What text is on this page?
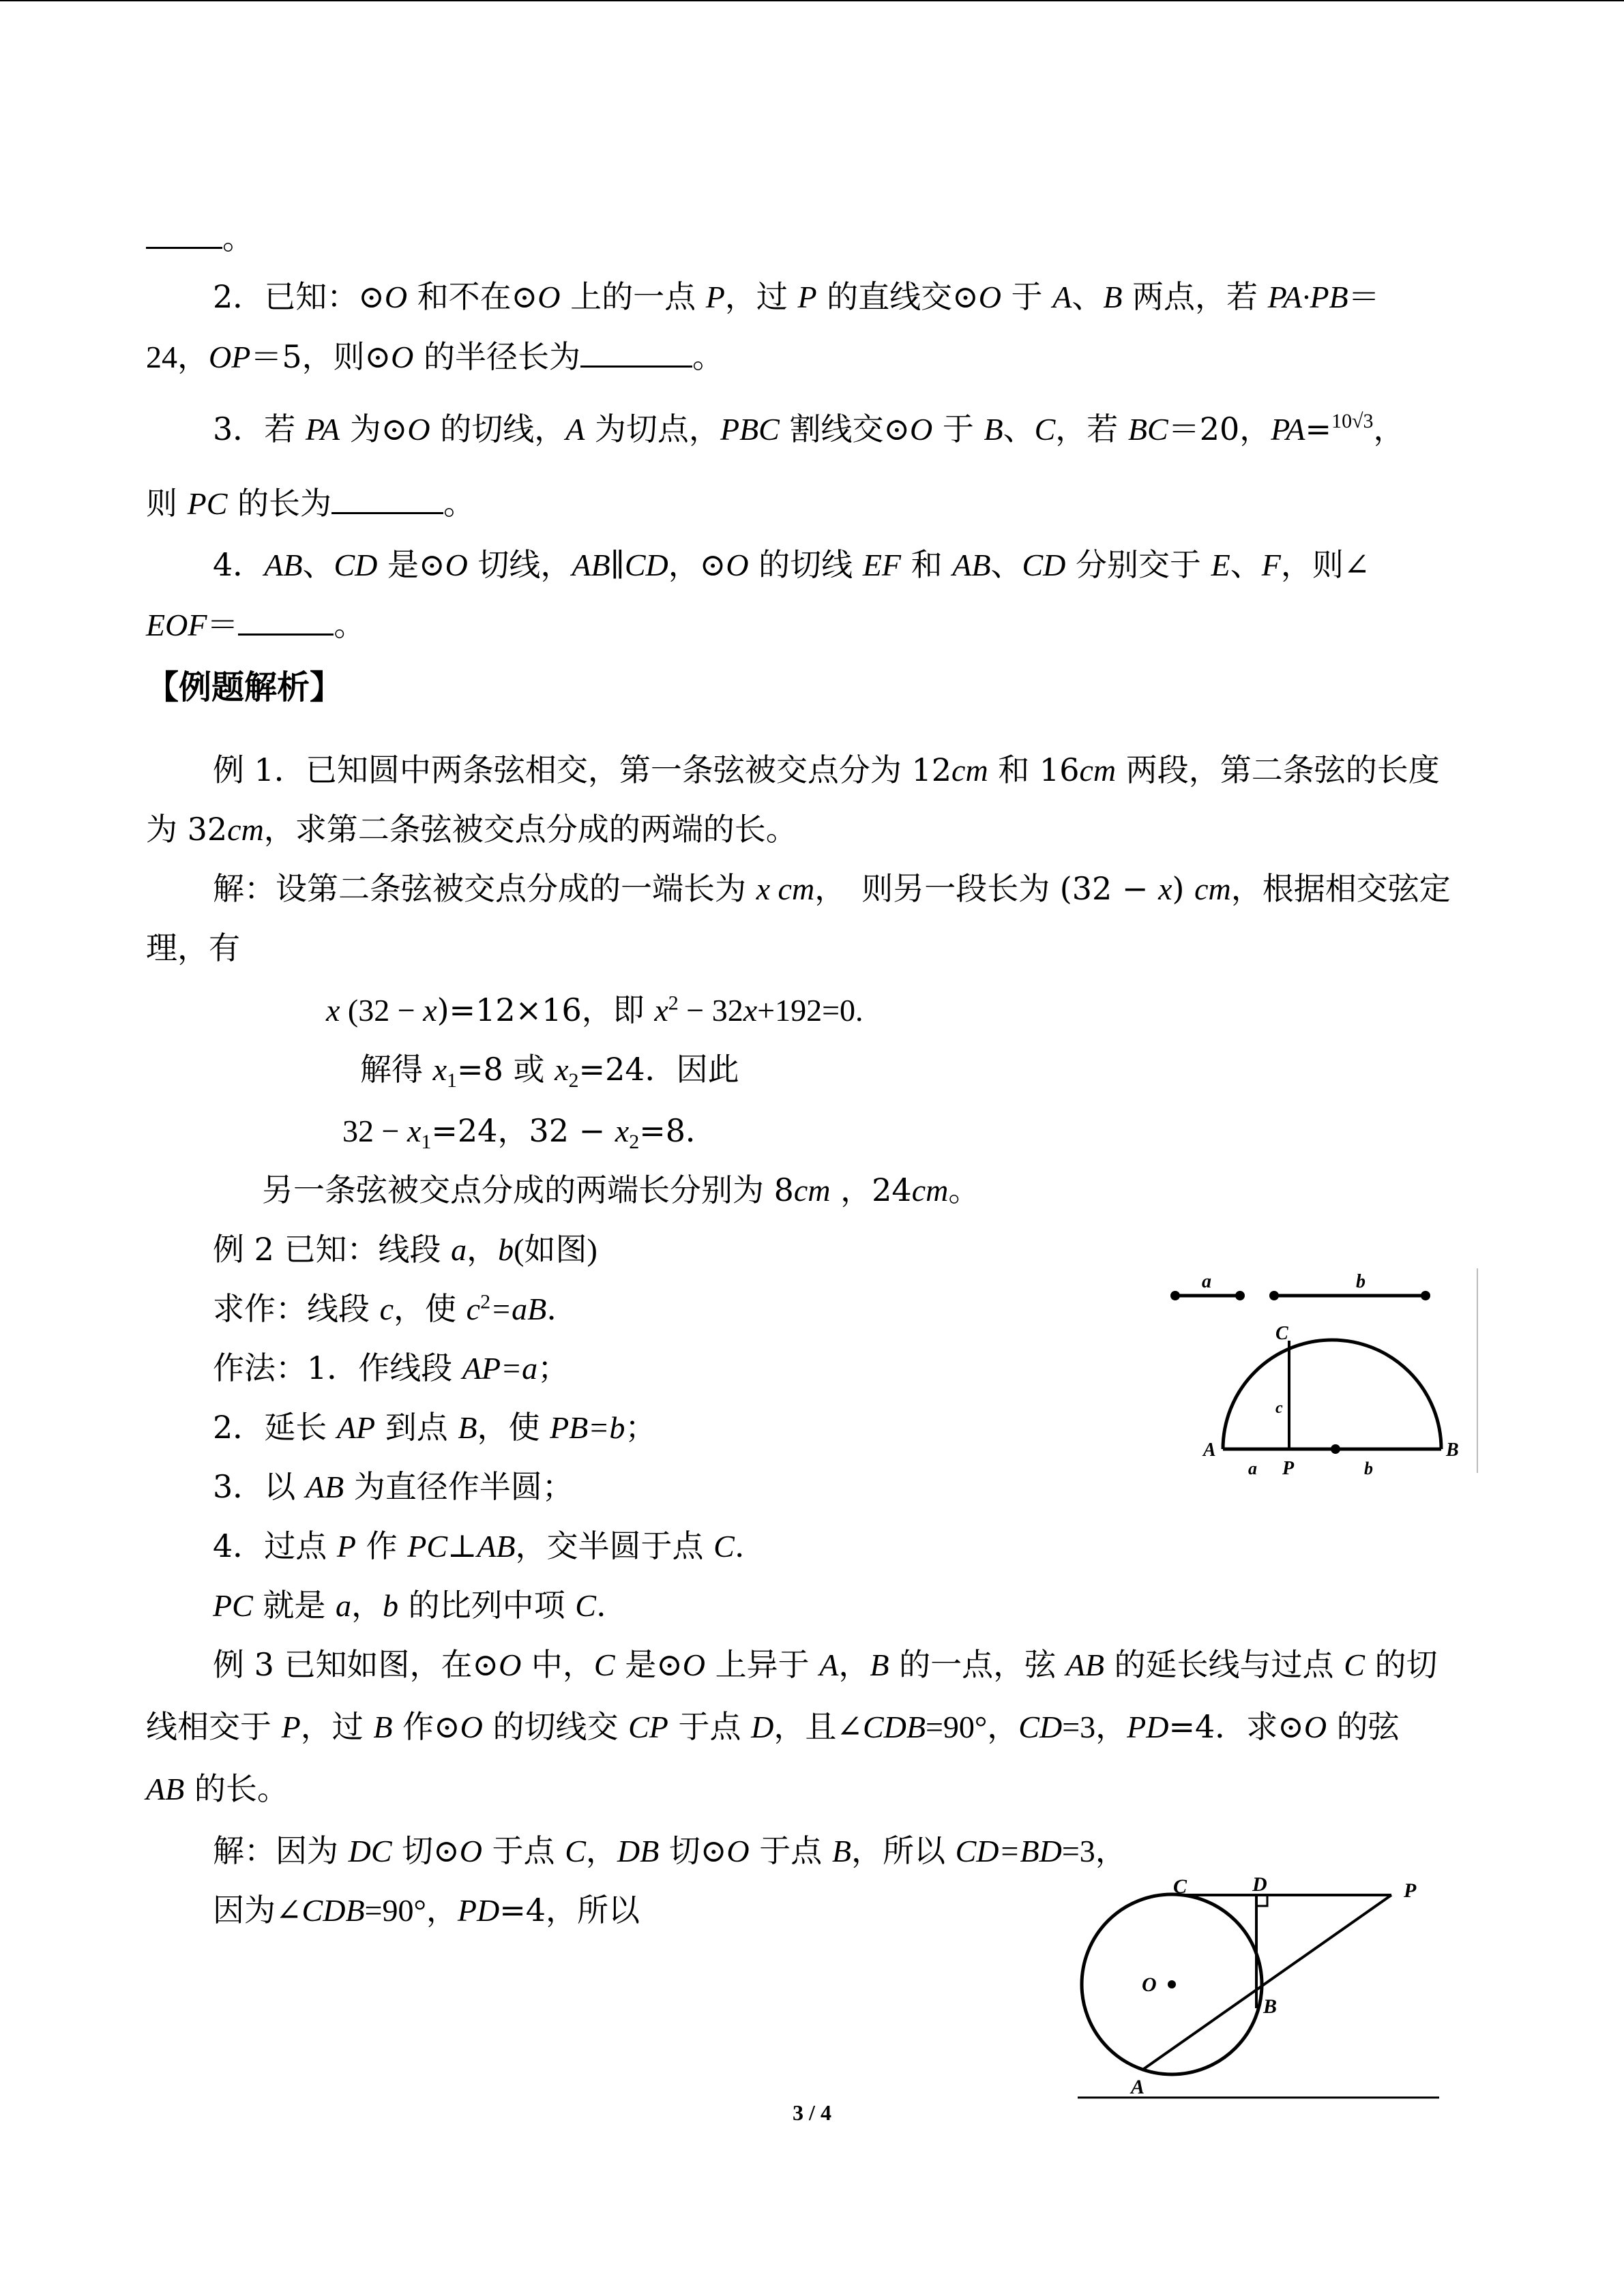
。
2．已知：⊙O 和不在⊙O 上的一点 P，过 P 的直线交⊙O 于 A、B 两点，若 PA·PB＝
24，OP＝5，则⊙O 的半径长为	。
3．若 PA 为⊙O 的切线，A 为切点，PBC 割线交⊙O 于 B、C，若 BC＝20，PA=$^{10√3}$，
则 PC 的长为	。
4．AB、CD 是⊙O 切线，AB∥CD，⊙O 的切线 EF 和 AB、CD 分别交于 E、F，则∠
EOF＝	。
【例题解析】
例 1．已知圆中两条弦相交，第一条弦被交点分为 12cm 和 16cm 两段，第二条弦的长度
为 32cm，求第二条弦被交点分成的两端的长。
解：设第二条弦被交点分成的一端长为 x cm，　则另一段长为 (32 − x) cm，根据相交弦定
理，有
x (32 − x)=12×16，即 $x^2 - 32x+192=0$.
解得 $x_1=8$ 或 $x_2=24$．因此
$32 - x_1=24$，$32 - x_2=8$．
另一条弦被交点分成的两端长分别为 8cm ，24cm。
例 2 已知：线段 a，b(如图)
求作：线段 c，使 $c^2=aB$.
作法：1．作线段 AP=a；
2．延长 AP 到点 B，使 PB=b；
3．以 AB 为直径作半圆；
4．过点 P 作 PC⊥AB，交半圆于点 C.
PC 就是 a，b 的比列中项 C.
a	b
C
c
A
a P	b
B
例 3 已知如图，在⊙O 中，C 是⊙O 上异于 A，B 的一点，弦 AB 的延长线与过点 C 的切
线相交于 P，过 B 作⊙O 的切线交 CP 于点 D，且∠CDB=90°，CD=3，PD=4．求⊙O 的弦
AB 的长。
解：因为 DC 切⊙O 于点 C，DB 切⊙O 于点 B，所以 CD=BD=3，
因为∠CDB=90°，PD=4，所以
C	D	P
O
B
A
3 / 4
